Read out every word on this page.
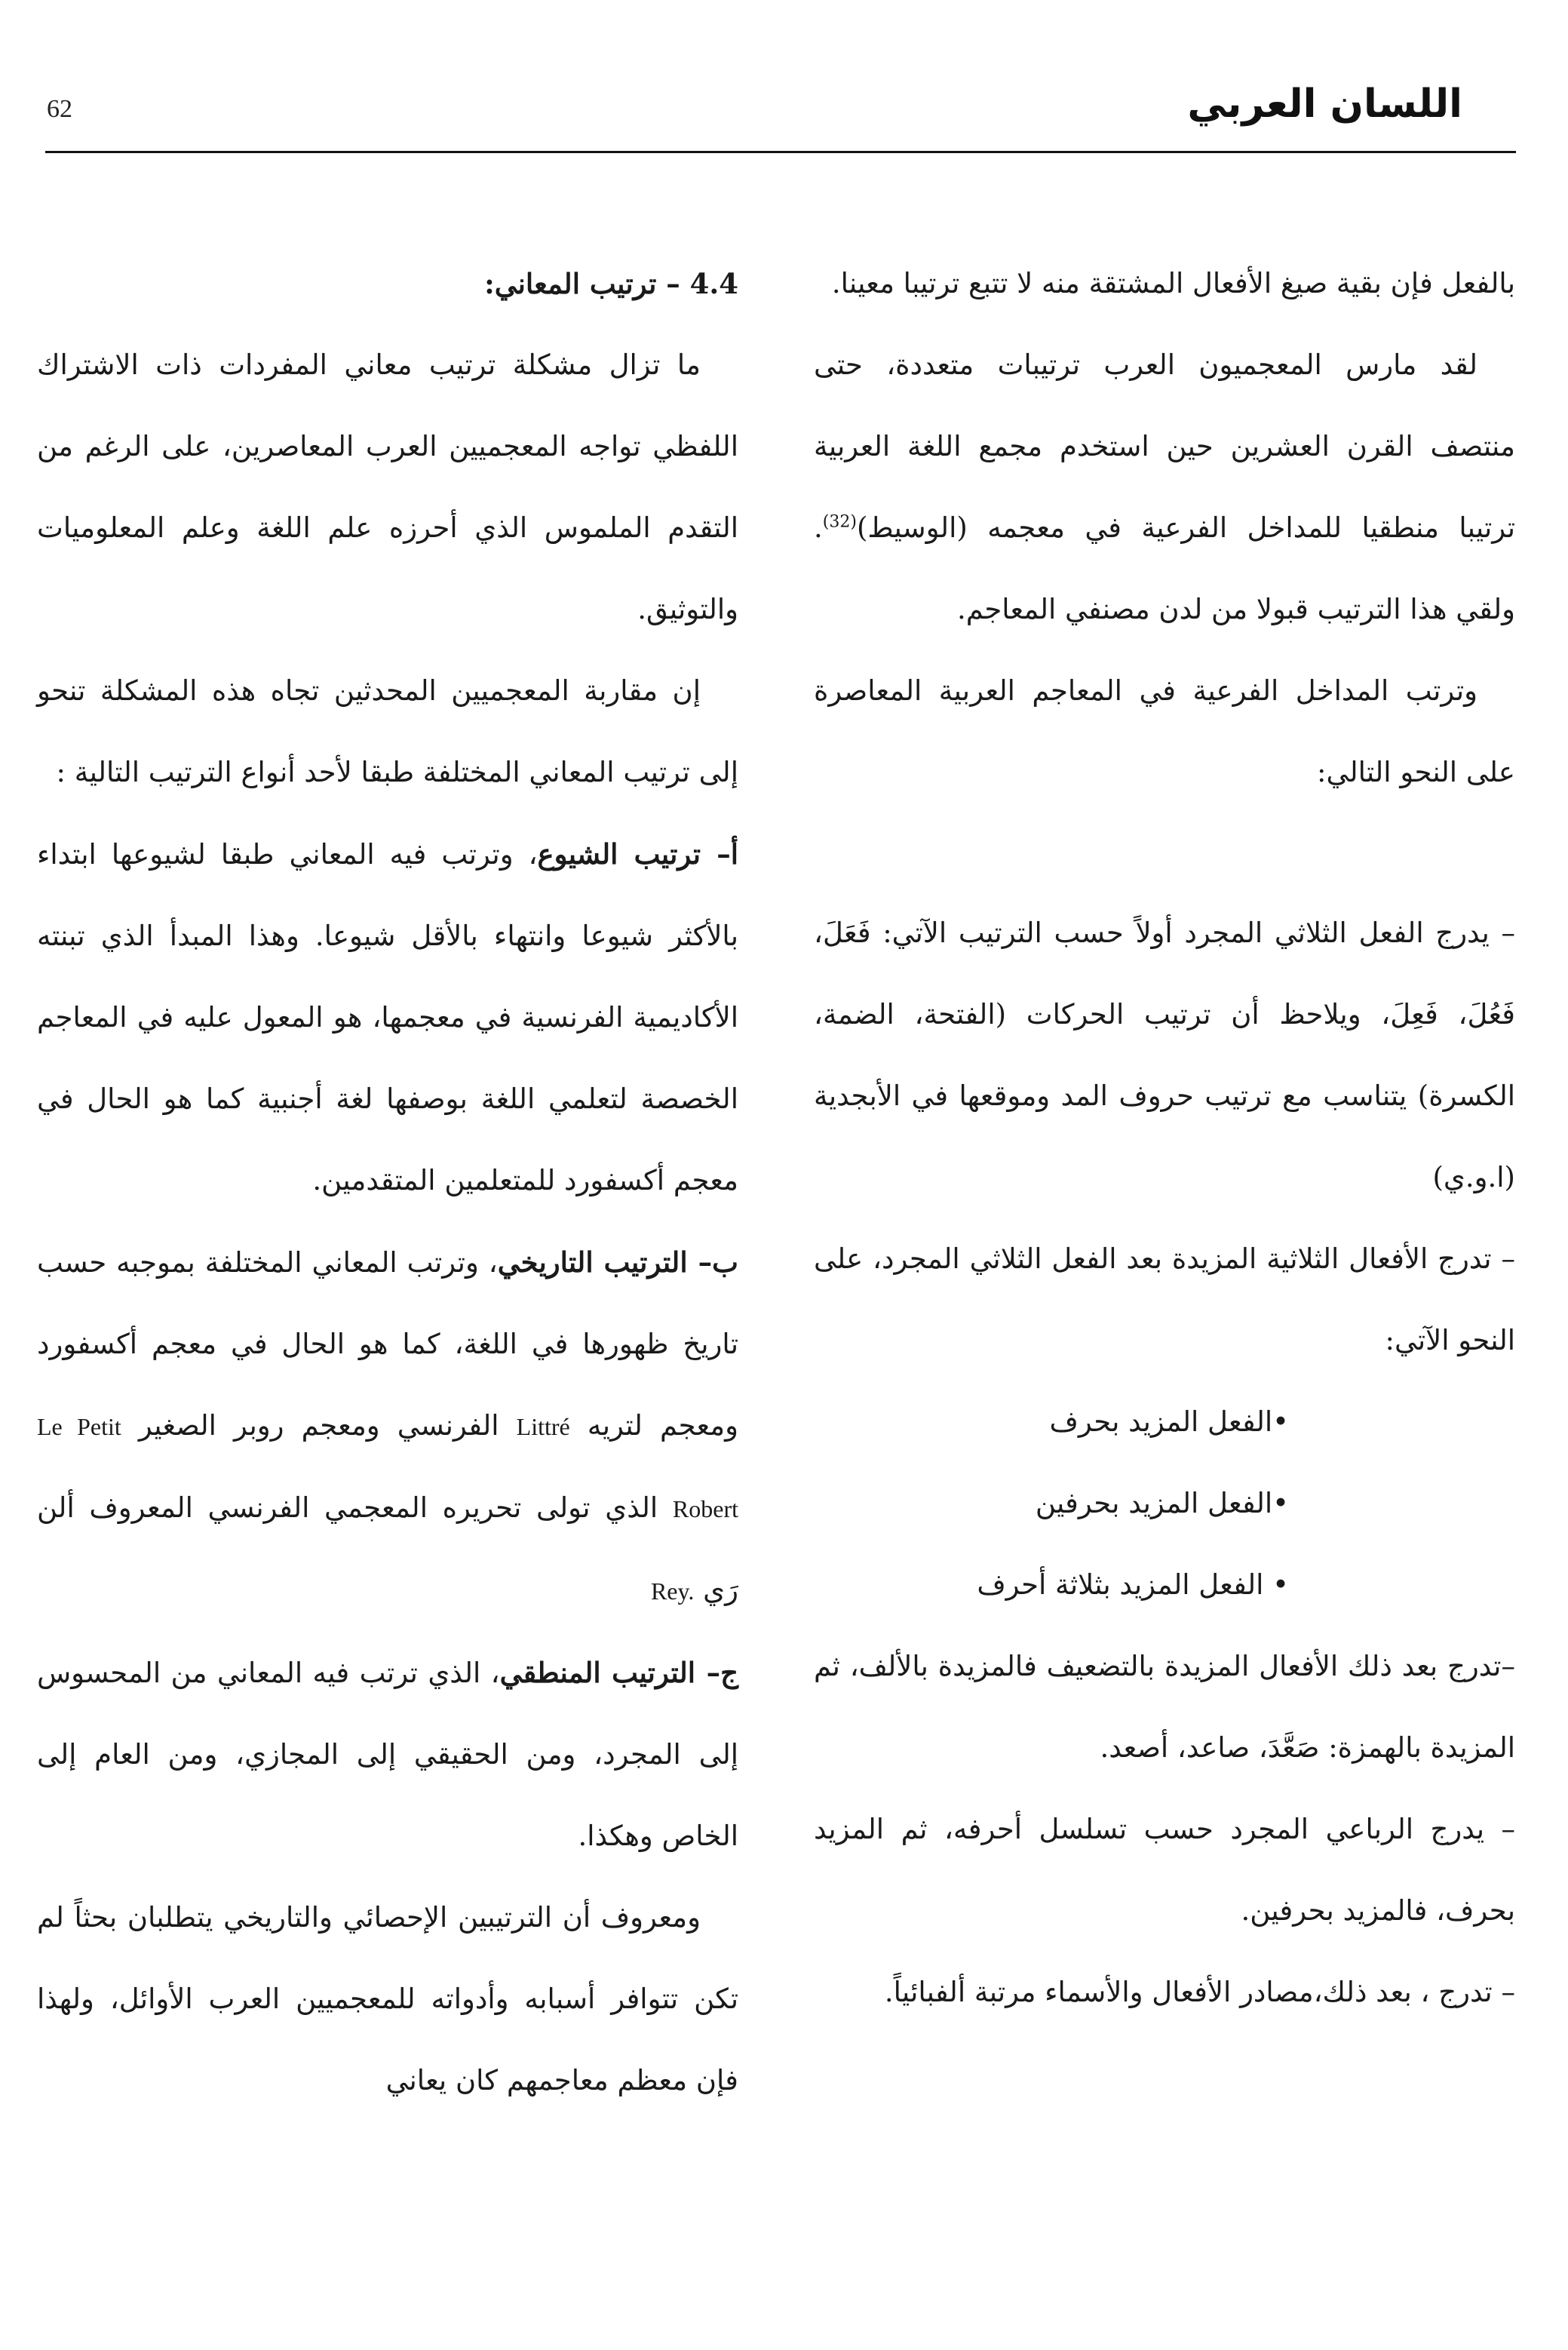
62	اللسان العربي

بالفعل فإن بقية صيغ الأفعال المشتقة منه لا تتبع ترتيبا معينا.

لقد مارس المعجميون العرب ترتيبات متعددة، حتى منتصف القرن العشرين حين استخدم مجمع اللغة العربية ترتيبا منطقيا للمداخل الفرعية في معجمه (الوسيط)$^{(32)}$. ولقي هذا الترتيب قبولا من لدن مصنفي المعاجم.

وترتب المداخل الفرعية في المعاجم العربية المعاصرة على النحو التالي:

– يدرج الفعل الثلاثي المجرد أولاً حسب الترتيب الآتي: فَعَلَ، فَعُلَ، فَعِلَ، ويلاحظ أن ترتيب الحركات (الفتحة، الضمة، الكسرة) يتناسب مع ترتيب حروف المد وموقعها في الأبجدية (ا.و.ي)

– تدرج الأفعال الثلاثية المزيدة بعد الفعل الثلاثي المجرد، على النحو الآتي:

•الفعل المزيد بحرف

•الفعل المزيد بحرفين

• الفعل المزيد بثلاثة أحرف

–تدرج بعد ذلك الأفعال المزيدة بالتضعيف فالمزيدة بالألف، ثم المزيدة بالهمزة: صَعَّدَ، صاعد، أصعد.

– يدرج الرباعي المجرد حسب تسلسل أحرفه، ثم المزيد بحرف، فالمزيد بحرفين.

– تدرج ، بعد ذلك،مصادر الأفعال والأسماء مرتبة ألفبائياً.

4.4 – ترتيب المعاني:

ما تزال مشكلة ترتيب معاني المفردات ذات الاشتراك اللفظي تواجه المعجميين العرب المعاصرين، على الرغم من التقدم الملموس الذي أحرزه علم اللغة وعلم المعلوميات والتوثيق.

إن مقاربة المعجميين المحدثين تجاه هذه المشكلة تنحو إلى ترتيب المعاني المختلفة طبقا لأحد أنواع الترتيب التالية :

أ– ترتيب الشيوع، وترتب فيه المعاني طبقا لشيوعها ابتداء بالأكثر شيوعا وانتهاء بالأقل شيوعا. وهذا المبدأ الذي تبنته الأكاديمية الفرنسية في معجمها، هو المعول عليه في المعاجم الخصصة لتعلمي اللغة بوصفها لغة أجنبية كما هو الحال في معجم أكسفورد للمتعلمين المتقدمين.

ب– الترتيب التاريخي، وترتب المعاني المختلفة بموجبه حسب تاريخ ظهورها في اللغة، كما هو الحال في معجم أكسفورد ومعجم لتريه Littré الفرنسي ومعجم روبر الصغير Le Petit Robert الذي تولى تحريره المعجمي الفرنسي المعروف ألن رَي Rey.

ج– الترتيب المنطقي، الذي ترتب فيه المعاني من المحسوس إلى المجرد، ومن الحقيقي إلى المجازي، ومن العام إلى الخاص وهكذا.

ومعروف أن الترتيبين الإحصائي والتاريخي يتطلبان بحثاً لم تكن تتوافر أسبابه وأدواته للمعجميين العرب الأوائل، ولهذا فإن معظم معاجمهم كان يعاني
